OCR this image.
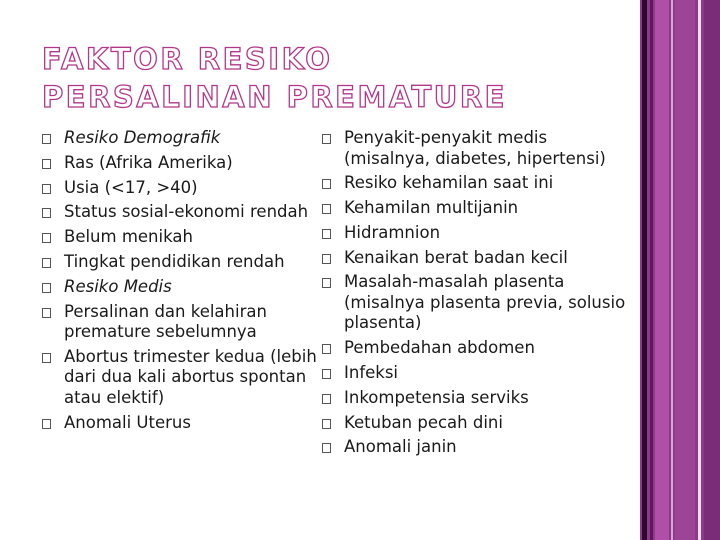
FAKTOR RESIKO PERSALINAN PREMATURE
Resiko Demografik
Ras (Afrika Amerika)
Usia (<17, >40)
Status sosial-ekonomi rendah
Belum menikah
Tingkat pendidikan rendah
Resiko Medis
Persalinan dan kelahiran premature sebelumnya
Abortus trimester kedua (lebih dari dua kali abortus spontan atau elektif)
Anomali Uterus
Penyakit-penyakit medis (misalnya, diabetes, hipertensi)
Resiko kehamilan saat ini
Kehamilan multijanin
Hidramnion
Kenaikan berat badan kecil
Masalah-masalah plasenta (misalnya plasenta previa, solusio plasenta)
Pembedahan abdomen
Infeksi
Inkompetensia serviks
Ketuban pecah dini
Anomali janin
